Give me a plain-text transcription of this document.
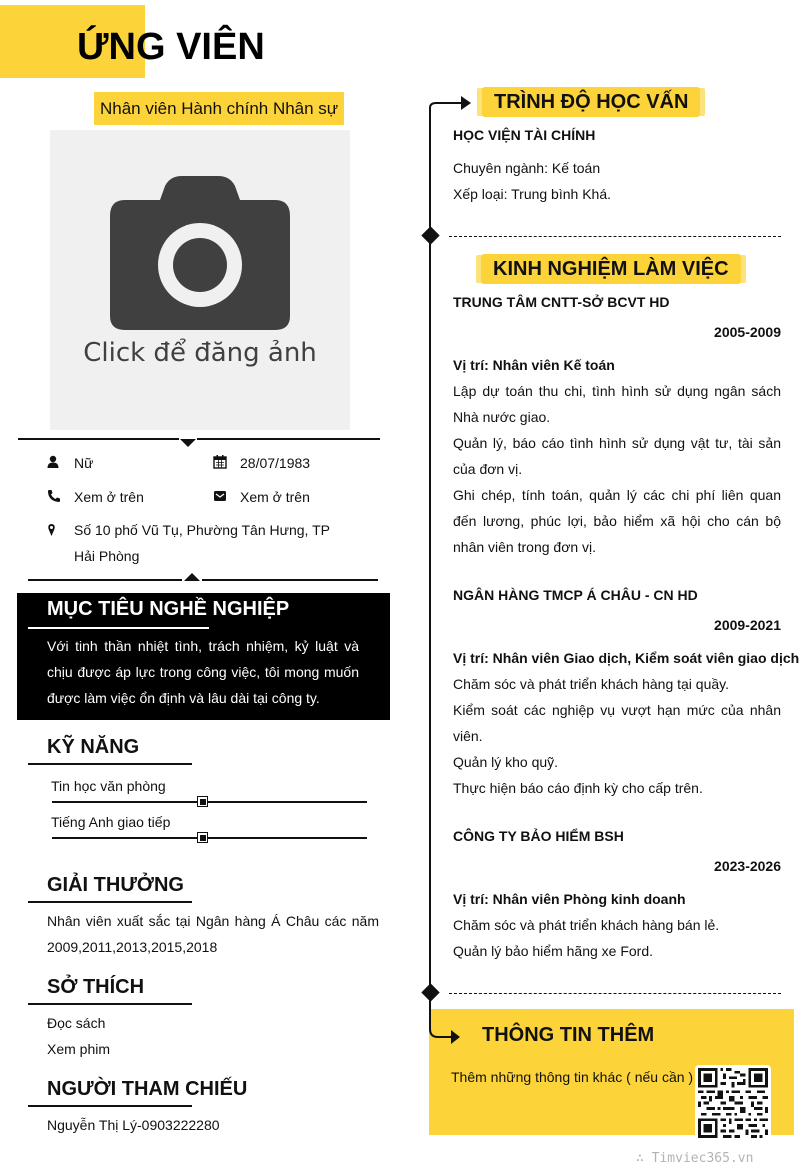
ỨNG VIÊN
Nhân viên Hành chính Nhân sự
Click để đăng ảnh
Nữ	28/07/1983
Xem ở trên	Xem ở trên
Số 10 phố Vũ Tụ, Phường Tân Hưng, TP
Hải Phòng
MỤC TIÊU NGHỀ NGHIỆP
Với tinh thần nhiệt tình, trách nhiệm, kỷ luật và chịu được áp lực trong công việc, tôi mong muốn được làm việc ổn định và lâu dài tại công ty.
KỸ NĂNG
Tin học văn phòng
Tiếng Anh giao tiếp
GIẢI THƯỞNG
Nhân viên xuất sắc tại Ngân hàng Á Châu các năm
2009,2011,2013,2015,2018
SỞ THÍCH
Đọc sách
Xem phim
NGƯỜI THAM CHIẾU
Nguyễn Thị Lý-0903222280
TRÌNH ĐỘ HỌC VẤN
HỌC VIỆN TÀI CHÍNH
Chuyên ngành: Kế toán
Xếp loại: Trung bình Khá.
KINH NGHIỆM LÀM VIỆC
TRUNG TÂM CNTT-SỞ BCVT HD
2005-2009
Vị trí: Nhân viên Kế toán
Lập dự toán thu chi, tình hình sử dụng ngân sách Nhà nước giao.
Quản lý, báo cáo tình hình sử dụng vật tư, tài sản của đơn vị.
Ghi chép, tính toán, quản lý các chi phí liên quan đến lương, phúc lợi, bảo hiểm xã hội cho cán bộ nhân viên trong đơn vị.
NGÂN HÀNG TMCP Á CHÂU - CN HD
2009-2021
Vị trí: Nhân viên Giao dịch, Kiểm soát viên giao dịch
Chăm sóc và phát triển khách hàng tại quầy.
Kiểm soát các nghiệp vụ vượt hạn mức của nhân viên.
Quản lý kho quỹ.
Thực hiện báo cáo định kỳ cho cấp trên.
CÔNG TY BẢO HIỂM BSH
2023-2026
Vị trí: Nhân viên Phòng kinh doanh
Chăm sóc và phát triển khách hàng bán lẻ.
Quản lý bảo hiểm hãng xe Ford.
THÔNG TIN THÊM
Thêm những thông tin khác ( nếu cần )
∴ Timviec365.vn
